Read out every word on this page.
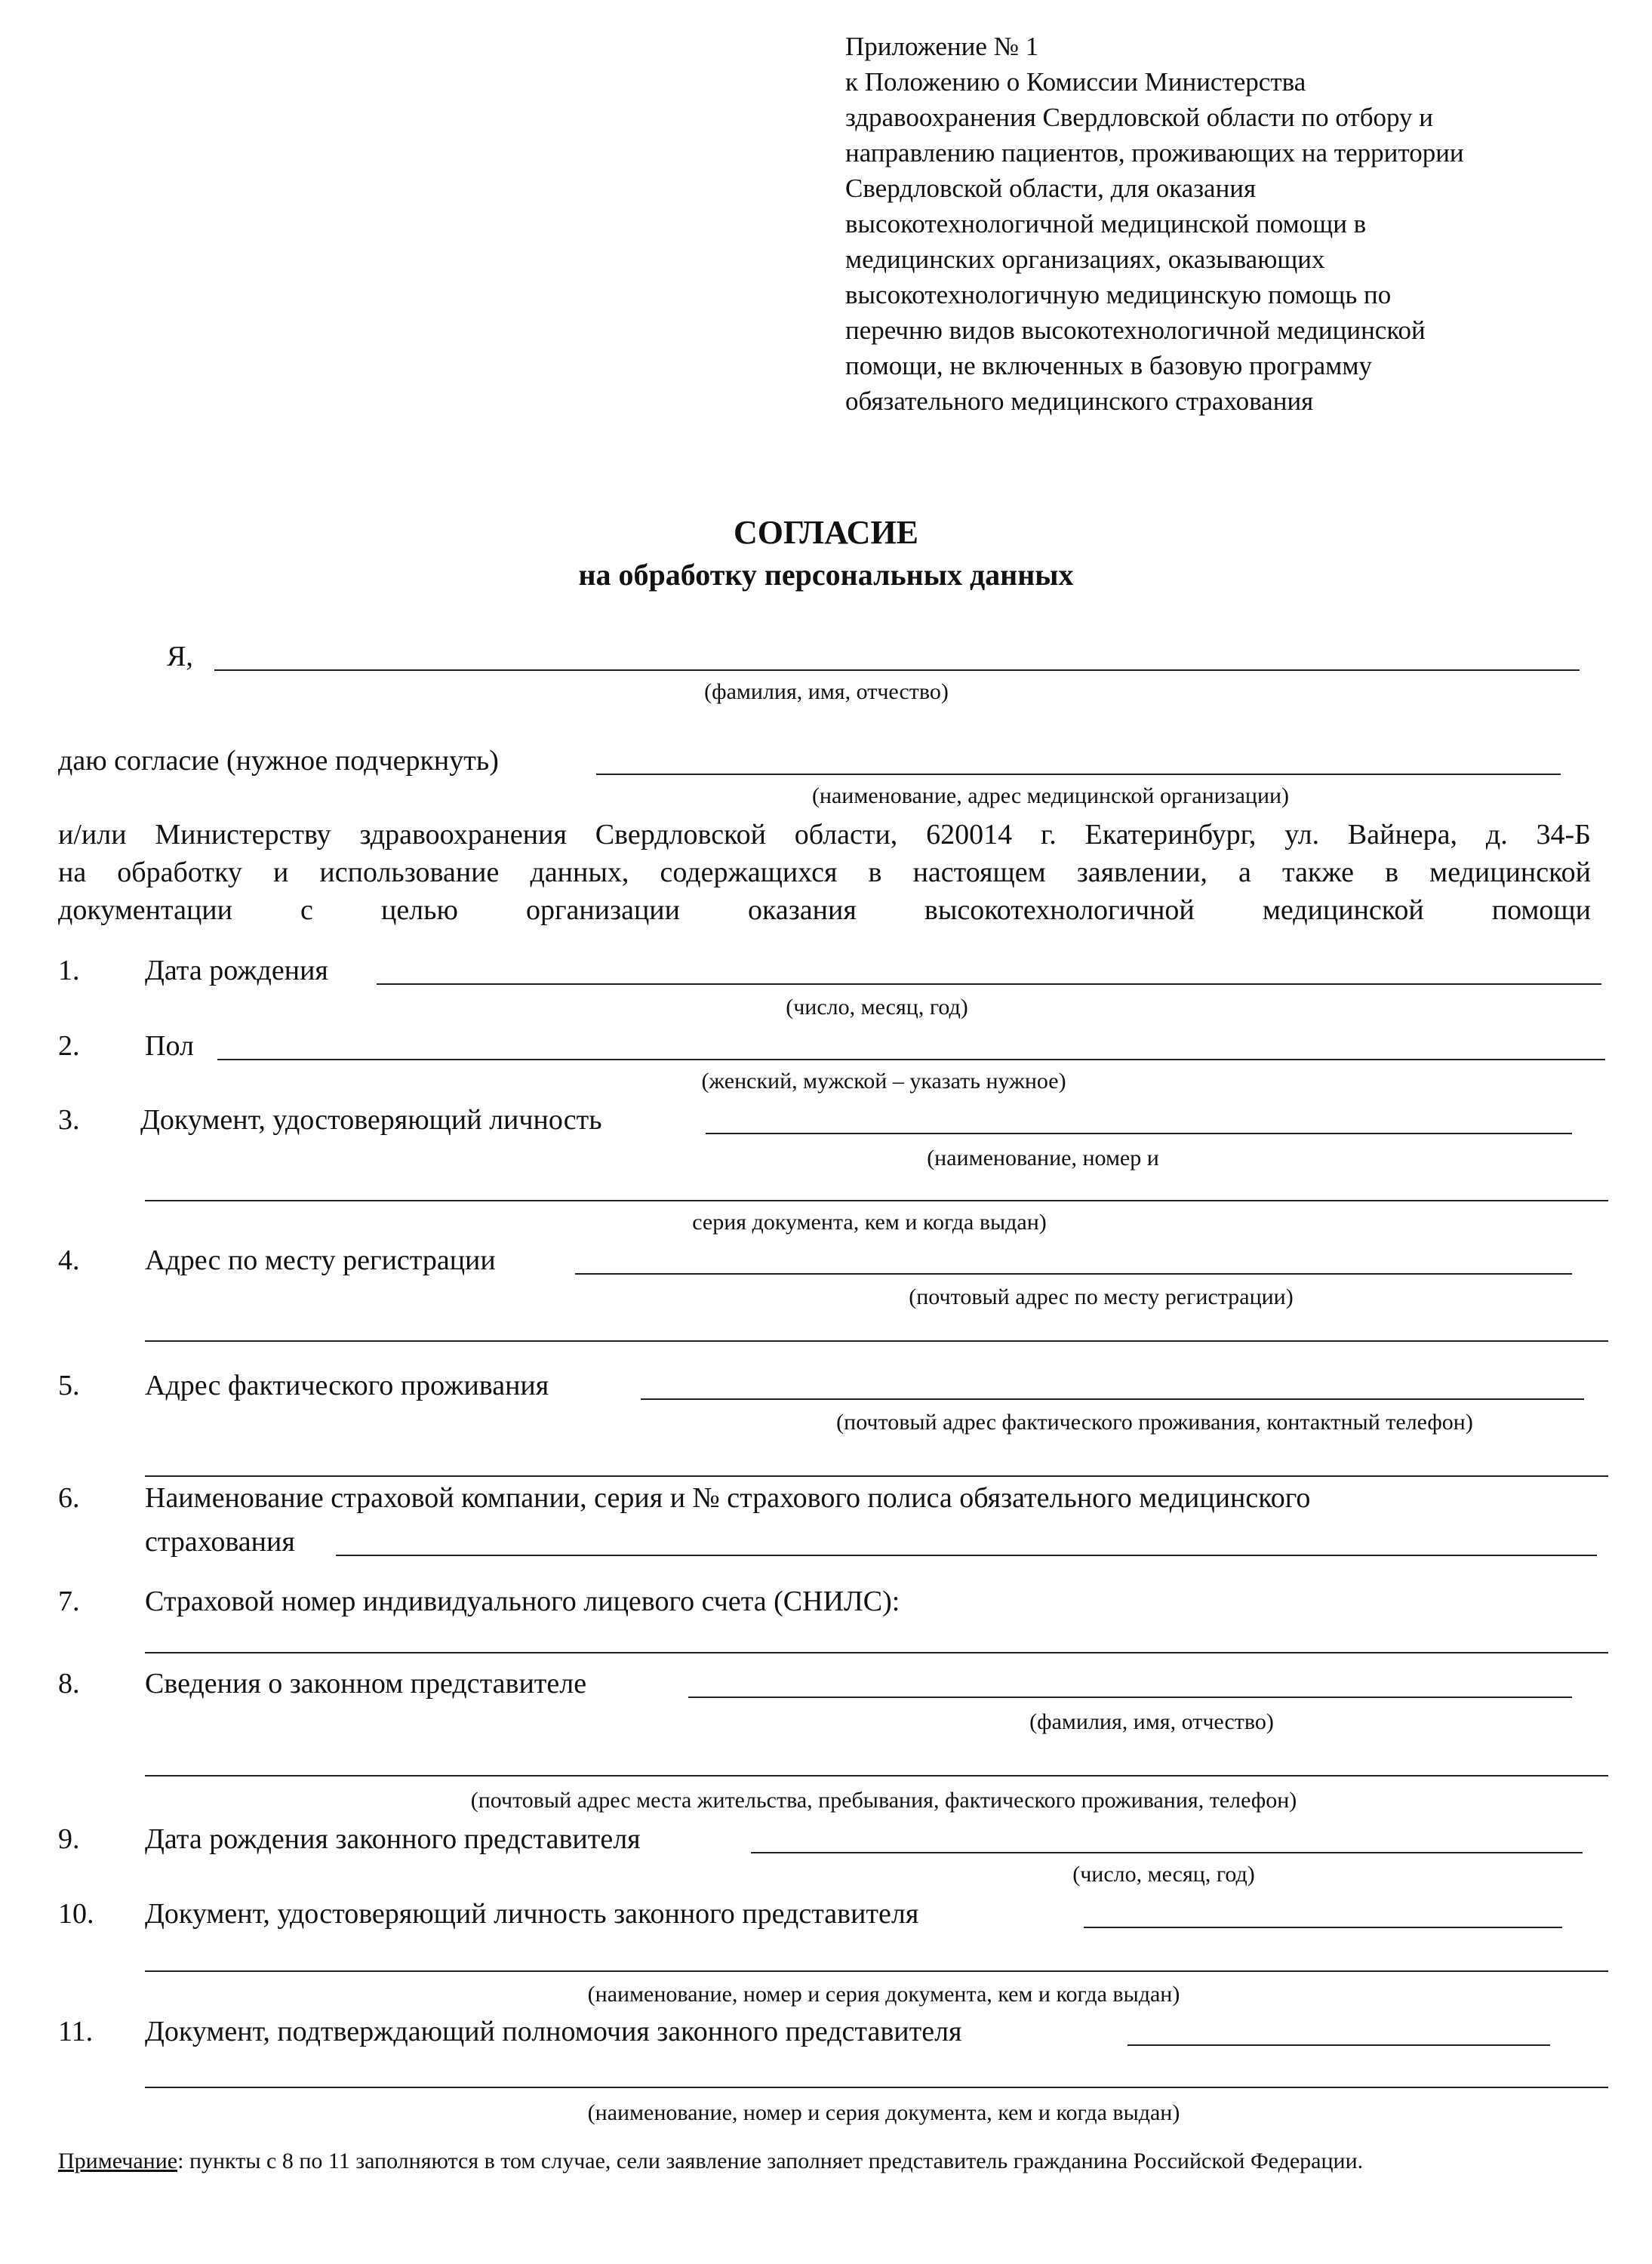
Приложение № 1
к Положению о Комиссии Министерства
здравоохранения Свердловской области по отбору и
направлению пациентов, проживающих на территории
Свердловской области, для оказания
высокотехнологичной медицинской помощи в
медицинских организациях, оказывающих
высокотехнологичную медицинскую помощь по
перечню видов высокотехнологичной медицинской
помощи, не включенных в базовую программу
обязательного медицинского страхования
СОГЛАСИЕ
на обработку персональных данных
Я,
(фамилия, имя, отчество)
даю согласие (нужное подчеркнуть)
(наименование, адрес медицинской организации)
и/или Министерству здравоохранения Свердловской области, 620014 г. Екатеринбург, ул. Вайнера, д. 34-Б
на обработку и использование данных, содержащихся в настоящем заявлении, а также в медицинской
документации с целью организации оказания высокотехнологичной медицинской помощи
1. Дата рождения
(число, месяц, год)
2. Пол
(женский, мужской – указать нужное)
3. Документ, удостоверяющий личность
(наименование, номер и
серия документа, кем и когда выдан)
4. Адрес по месту регистрации
(почтовый адрес по месту регистрации)
5. Адрес фактического проживания
(почтовый адрес фактического проживания, контактный телефон)
6. Наименование страховой компании, серия и № страхового полиса обязательного медицинского
страхования
7. Страховой номер индивидуального лицевого счета (СНИЛС):
8. Сведения о законном представителе
(фамилия, имя, отчество)
(почтовый адрес места жительства, пребывания, фактического проживания, телефон)
9. Дата рождения законного представителя
(число, месяц, год)
10. Документ, удостоверяющий личность законного представителя
(наименование, номер и серия документа, кем и когда выдан)
11. Документ, подтверждающий полномочия законного представителя
(наименование, номер и серия документа, кем и когда выдан)
Примечание: пункты с 8 по 11 заполняются в том случае, сели заявление заполняет представитель гражданина Российской Федерации.
